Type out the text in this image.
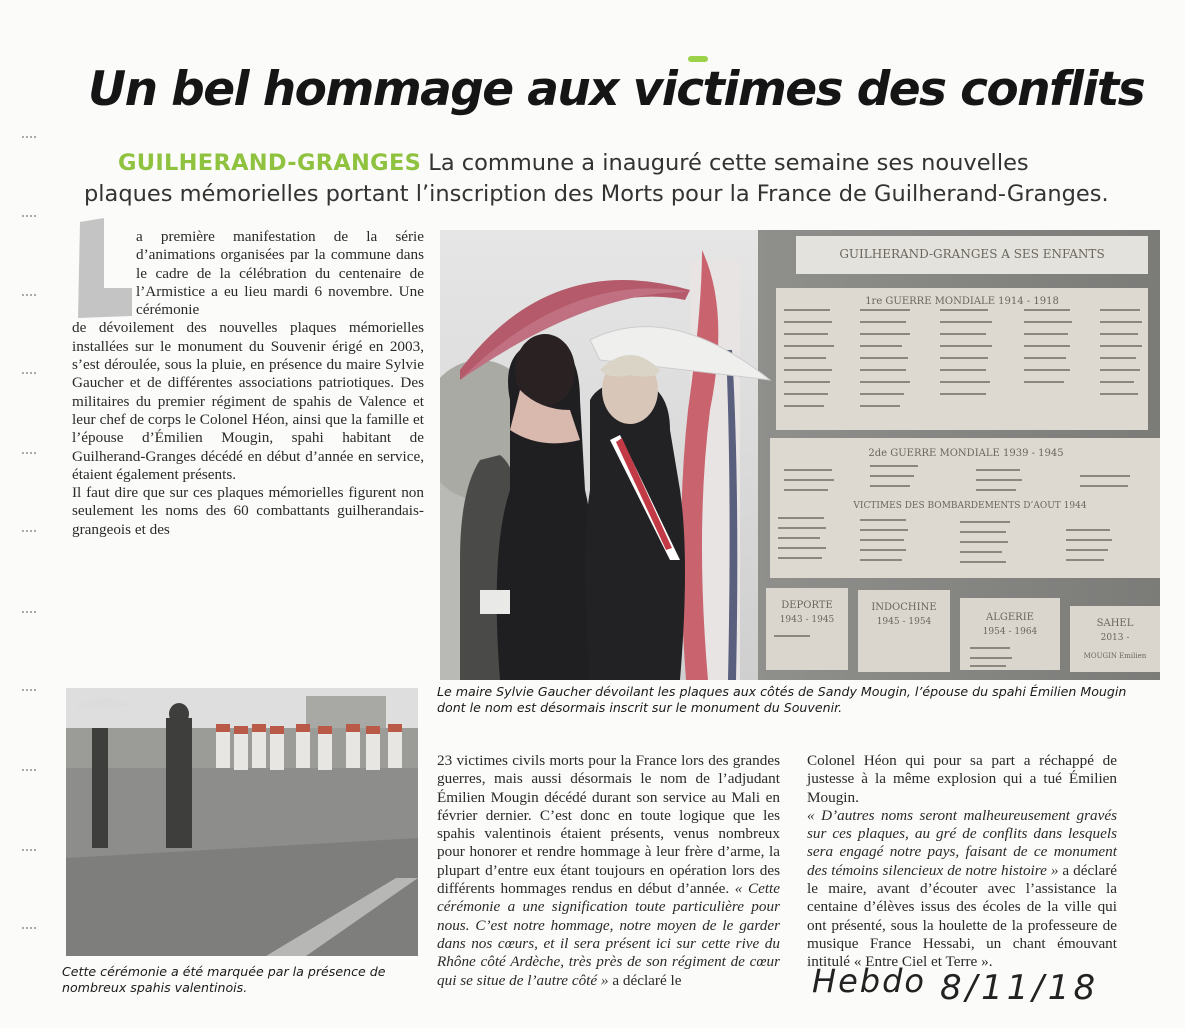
Un bel hommage aux victimes des conflits
GUILHERAND-GRANGES La commune a inauguré cette semaine ses nouvelles
plaques mémorielles portant l’inscription des Morts pour la France de Guilherand-Granges.
a première manifestation de la série d’animations organisées par la commune dans le cadre de la célébration du centenaire de l’Armistice a eu lieu mardi 6 novembre. Une cérémonie
de dévoilement des nouvelles plaques mémorielles installées sur le monument du Souvenir érigé en 2003, s’est déroulée, sous la pluie, en présence du maire Sylvie Gaucher et de différentes associations patriotiques. Des militaires du premier régiment de spahis de Valence et leur chef de corps le Colonel Héon, ainsi que la famille et l’épouse d’Émilien Mougin, spahi habitant de Guilherand-Granges décédé en début d’année en service, étaient également présents.
Il faut dire que sur ces plaques mémorielles figurent non seulement les noms des 60 combattants guilherandais-grangeois et des
GUILHERAND-GRANGES A SES ENFANTS
1re GUERRE MONDIALE 1914 - 1918
2de GUERRE MONDIALE 1939 - 1945
VICTIMES DES BOMBARDEMENTS D’AOUT 1944
DEPORTE
1943 - 1945
INDOCHINE
1945 - 1954	ALGERIE
1954 - 1964
SAHEL
2013 -
MOUGIN Emilien

Le maire Sylvie Gaucher dévoilant les plaques aux côtés de Sandy Mougin, l’épouse du spahi Émilien Mougin dont le nom est désormais inscrit sur le monument du Souvenir.

Cette cérémonie a été marquée par la présence de nombreux spahis valentinois.

23 victimes civils morts pour la France lors des grandes guerres, mais aussi désormais le nom de l’adjudant Émilien Mougin décédé durant son service au Mali en février dernier. C’est donc en toute logique que les spahis valentinois étaient présents, venus nombreux pour honorer et rendre hommage à leur frère d’arme, la plupart d’entre eux étant toujours en opération lors des différents hommages rendus en début d’année. « Cette cérémonie a une signification toute particulière pour nous. C’est notre hommage, notre moyen de le garder dans nos cœurs, et il sera présent ici sur cette rive du Rhône côté Ardèche, très près de son régiment de cœur qui se situe de l’autre côté » a déclaré le
Colonel Héon qui pour sa part a réchappé de justesse à la même explosion qui a tué Émilien Mougin.
« D’autres noms seront malheureusement gravés sur ces plaques, au gré de conflits dans lesquels sera engagé notre pays, faisant de ce monument des témoins silencieux de notre histoire » a déclaré le maire, avant d’écouter avec l’assistance la centaine d’élèves issus des écoles de la ville qui ont présenté, sous la houlette de la professeure de musique France Hessabi, un chant émouvant intitulé « Entre Ciel et Terre ».
Hebdo 8/11/18
